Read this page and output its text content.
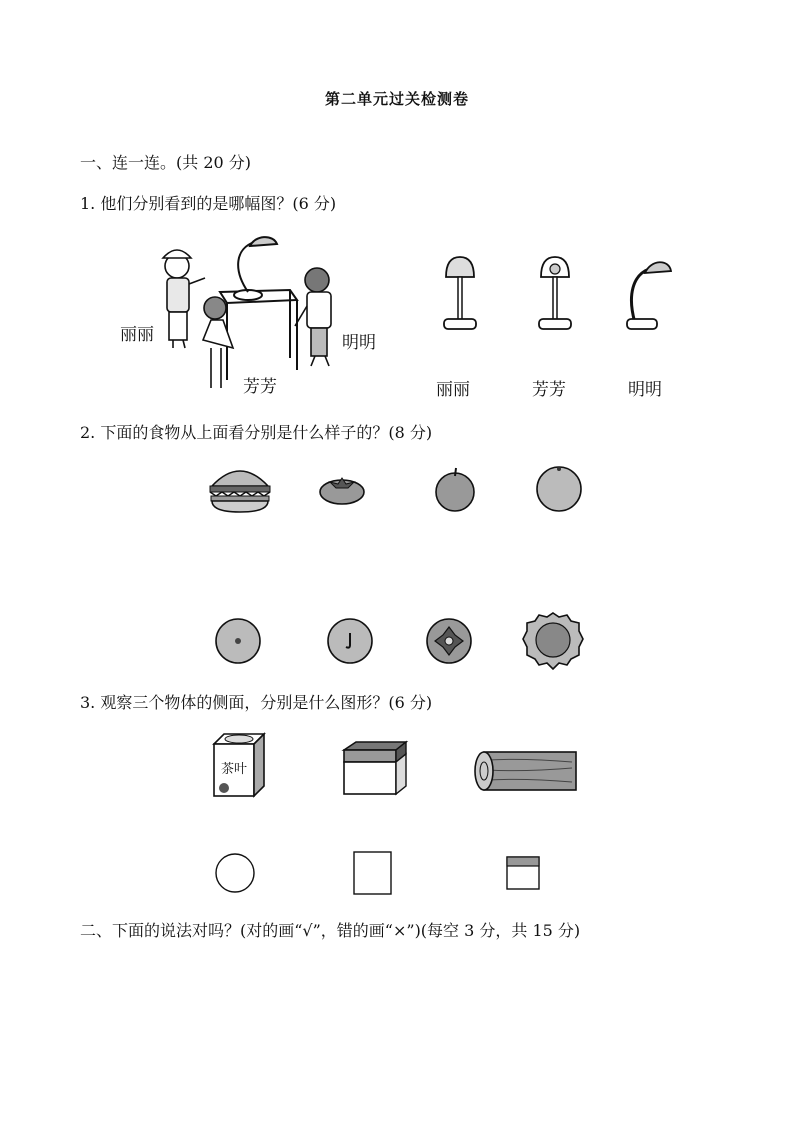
第二单元过关检测卷
一、连一连。(共 20 分)
1. 他们分别看到的是哪幅图？(6 分)
丽丽	明明
芳芳	丽丽	芳芳	明明
2. 下面的食物从上面看分别是什么样子的？(8 分)
3. 观察三个物体的侧面，分别是什么图形？(6 分)
茶叶
二、下面的说法对吗？(对的画“√”，错的画“×”)(每空 3 分，共 15 分)
